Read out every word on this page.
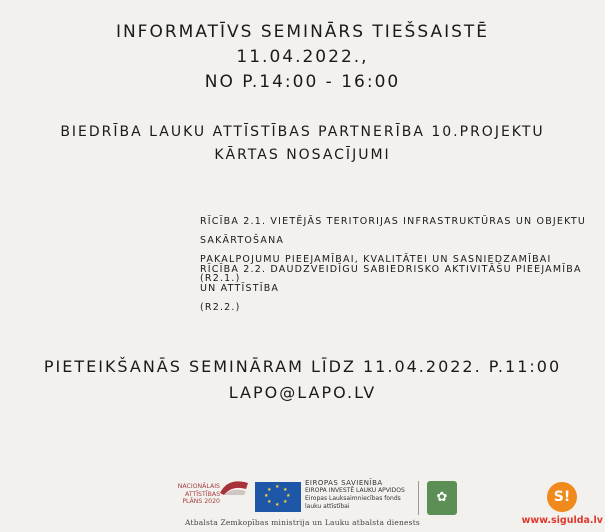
INFORMATĪVS SEMINĀRS TIEŠSAISTĒ
11.04.2022.,
NO P.14:00 - 16:00
BIEDRĪBA LAUKU ATTĪSTĪBAS PARTNERĪBA 10.PROJEKTU
KĀRTAS NOSACĪJUMI
RĪCĪBA 2.1. VIETĒJĀS TERITORIJAS INFRASTRUKTŪRAS UN OBJEKTU SAKĀRTOŠANA
PAKALPOJUMU PIEEJAMĪBAI, KVALITĀTEI UN SASNIEDZAMĪBAI (R2.1.)
RĪCĪBA 2.2. DAUDZVEIDĪGU SABIEDRISKO AKTIVITĀŠU PIEEJAMĪBA UN ATTĪSTĪBA
(R2.2.)
PIETEIKŠANĀS SEMINĀRAM LĪDZ 11.04.2022. P.11:00
LAPO@LAPO.LV
NACIONĀLAIS
ATTĪSTĪBAS
PLĀNS 2020
★ ★
★
★
★
★
★
★
EIROPAS SAVIENĪBA
EIROPA INVESTĒ LAUKU APVIDOS
Eiropas Lauksaimniecības fonds
lauku attīstībai
✿
Atbalsta Zemkopības ministrija un Lauku atbalsta dienests
S!
www.sigulda.lv
